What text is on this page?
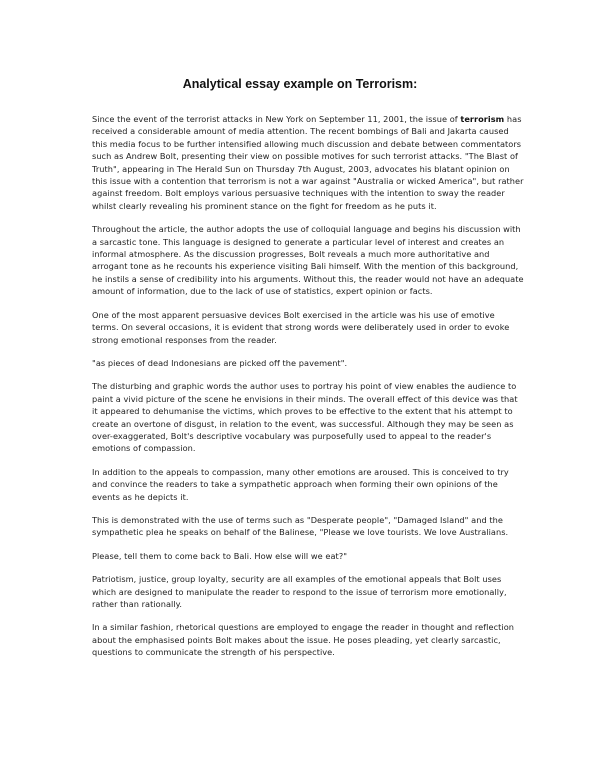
Analytical essay example on Terrorism:

Since the event of the terrorist attacks in New York on September 11, 2001, the issue of terrorism has received a considerable amount of media attention. The recent bombings of Bali and Jakarta caused this media focus to be further intensified allowing much discussion and debate between commentators such as Andrew Bolt, presenting their view on possible motives for such terrorist attacks. "The Blast of Truth", appearing in The Herald Sun on Thursday 7th August, 2003, advocates his blatant opinion on this issue with a contention that terrorism is not a war against "Australia or wicked America", but rather against freedom. Bolt employs various persuasive techniques with the intention to sway the reader whilst clearly revealing his prominent stance on the fight for freedom as he puts it.

Throughout the article, the author adopts the use of colloquial language and begins his discussion with a sarcastic tone. This language is designed to generate a particular level of interest and creates an informal atmosphere. As the discussion progresses, Bolt reveals a much more authoritative and arrogant tone as he recounts his experience visiting Bali himself. With the mention of this background, he instils a sense of credibility into his arguments. Without this, the reader would not have an adequate amount of information, due to the lack of use of statistics, expert opinion or facts.

One of the most apparent persuasive devices Bolt exercised in the article was his use of emotive terms. On several occasions, it is evident that strong words were deliberately used in order to evoke strong emotional responses from the reader.

"as pieces of dead Indonesians are picked off the pavement".

The disturbing and graphic words the author uses to portray his point of view enables the audience to paint a vivid picture of the scene he envisions in their minds. The overall effect of this device was that it appeared to dehumanise the victims, which proves to be effective to the extent that his attempt to create an overtone of disgust, in relation to the event, was successful. Although they may be seen as over-exaggerated, Bolt's descriptive vocabulary was purposefully used to appeal to the reader's emotions of compassion.

In addition to the appeals to compassion, many other emotions are aroused. This is conceived to try and convince the readers to take a sympathetic approach when forming their own opinions of the events as he depicts it.

This is demonstrated with the use of terms such as "Desperate people", "Damaged Island" and the sympathetic plea he speaks on behalf of the Balinese, "Please we love tourists. We love Australians.

Please, tell them to come back to Bali. How else will we eat?"

Patriotism, justice, group loyalty, security are all examples of the emotional appeals that Bolt uses which are designed to manipulate the reader to respond to the issue of terrorism more emotionally, rather than rationally.

In a similar fashion, rhetorical questions are employed to engage the reader in thought and reflection about the emphasised points Bolt makes about the issue. He poses pleading, yet clearly sarcastic, questions to communicate the strength of his perspective.
